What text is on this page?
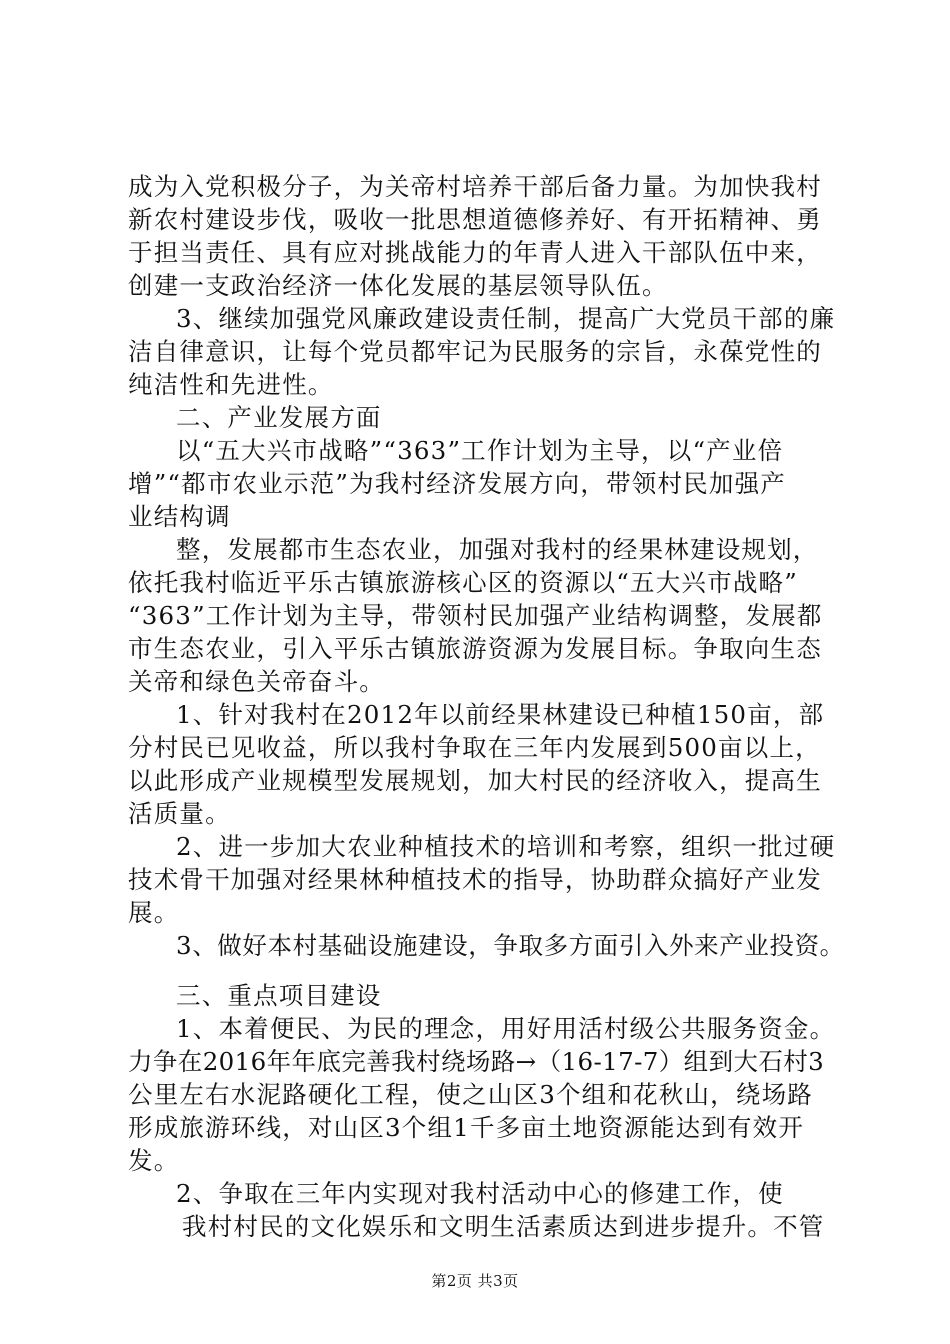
成为入党积极分子，为关帝村培养干部后备力量。为加快我村

新农村建设步伐，吸收一批思想道德修养好、有开拓精神、勇

于担当责任、具有应对挑战能力的年青人进入干部队伍中来，

创建一支政治经济一体化发展的基层领导队伍。

3、继续加强党风廉政建设责任制，提高广大党员干部的廉

洁自律意识，让每个党员都牢记为民服务的宗旨，永葆党性的

纯洁性和先进性。

二、产业发展方面

以“五大兴市战略”“363”工作计划为主导，以“产业倍

增”“都市农业示范”为我村经济发展方向，带领村民加强产

业结构调

整，发展都市生态农业，加强对我村的经果林建设规划，

依托我村临近平乐古镇旅游核心区的资源以“五大兴市战略”

“363”工作计划为主导，带领村民加强产业结构调整，发展都

市生态农业，引入平乐古镇旅游资源为发展目标。争取向生态

关帝和绿色关帝奋斗。

1、针对我村在2012年以前经果林建设已种植150亩，部

分村民已见收益，所以我村争取在三年内发展到500亩以上，

以此形成产业规模型发展规划，加大村民的经济收入，提高生

活质量。

2、进一步加大农业种植技术的培训和考察，组织一批过硬

技术骨干加强对经果林种植技术的指导，协助群众搞好产业发

展。

3、做好本村基础设施建设，争取多方面引入外来产业投资。

三、重点项目建设

1、本着便民、为民的理念，用好用活村级公共服务资金。

力争在2016年年底完善我村绕场路→（16-17-7）组到大石村3

公里左右水泥路硬化工程，使之山区3个组和花秋山，绕场路

形成旅游环线，对山区3个组1千多亩土地资源能达到有效开

发。

2、争取在三年内实现对我村活动中心的修建工作，使

我村村民的文化娱乐和文明生活素质达到进步提升。不管

第2页 共3页
